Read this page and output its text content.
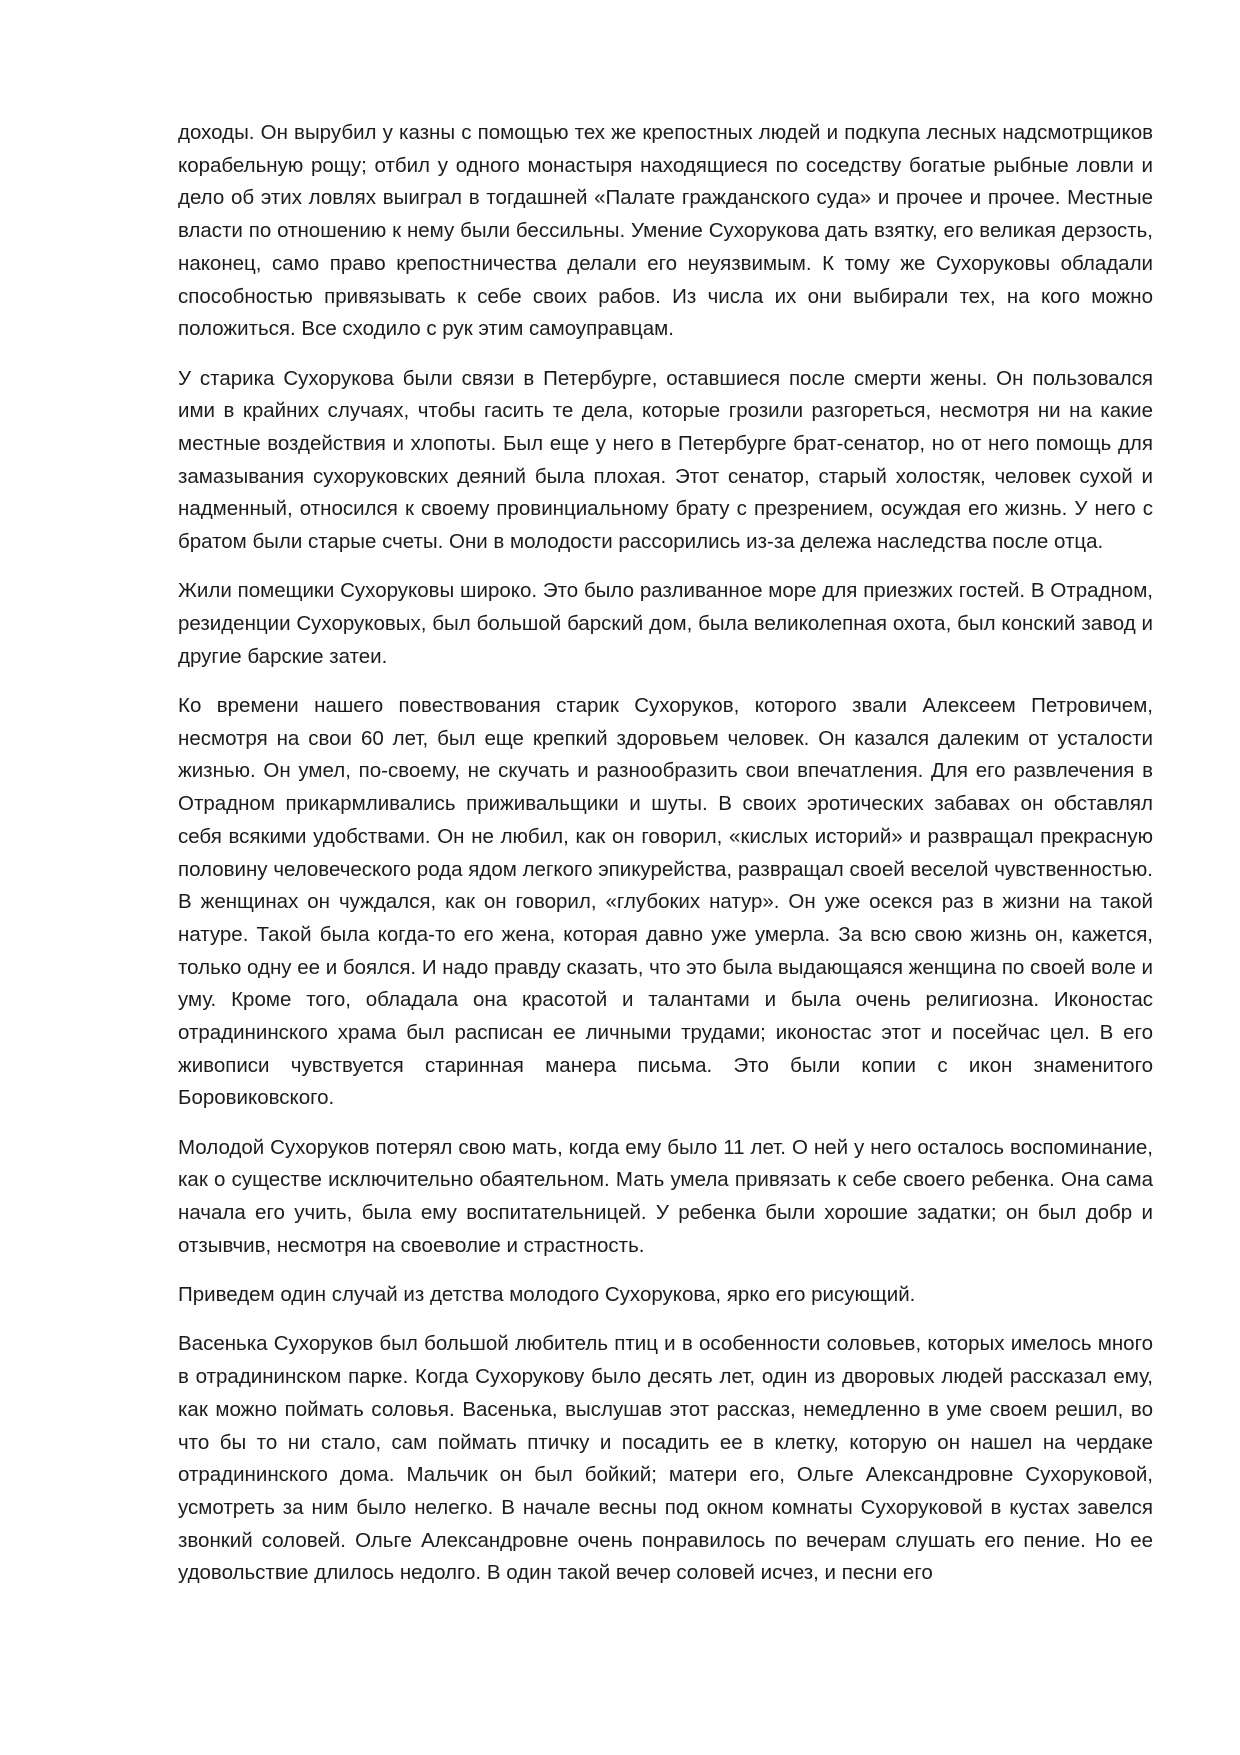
доходы. Он вырубил у казны с помощью тех же крепостных людей и подкупа лесных надсмотрщиков корабельную рощу; отбил у одного монастыря находящиеся по соседству богатые рыбные ловли и дело об этих ловлях выиграл в тогдашней «Палате гражданского суда» и прочее и прочее. Местные власти по отношению к нему были бессильны. Умение Сухорукова дать взятку, его великая дерзость, наконец, само право крепостничества делали его неуязвимым. К тому же Сухоруковы обладали способностью привязывать к себе своих рабов. Из числа их они выбирали тех, на кого можно положиться. Все сходило с рук этим самоуправцам.

У старика Сухорукова были связи в Петербурге, оставшиеся после смерти жены. Он пользовался ими в крайних случаях, чтобы гасить те дела, которые грозили разгореться, несмотря ни на какие местные воздействия и хлопоты. Был еще у него в Петербурге брат-сенатор, но от него помощь для замазывания сухоруковских деяний была плохая. Этот сенатор, старый холостяк, человек сухой и надменный, относился к своему провинциальному брату с презрением, осуждая его жизнь. У него с братом были старые счеты. Они в молодости рассорились из-за дележа наследства после отца.

Жили помещики Сухоруковы широко. Это было разливанное море для приезжих гостей. В Отрадном, резиденции Сухоруковых, был большой барский дом, была великолепная охота, был конский завод и другие барские затеи.

Ко времени нашего повествования старик Сухоруков, которого звали Алексеем Петровичем, несмотря на свои 60 лет, был еще крепкий здоровьем человек. Он казался далеким от усталости жизнью. Он умел, по-своему, не скучать и разнообразить свои впечатления. Для его развлечения в Отрадном прикармливались приживальщики и шуты. В своих эротических забавах он обставлял себя всякими удобствами. Он не любил, как он говорил, «кислых историй» и развращал прекрасную половину человеческого рода ядом легкого эпикурейства, развращал своей веселой чувственностью. В женщинах он чуждался, как он говорил, «глубоких натур». Он уже осекся раз в жизни на такой натуре. Такой была когда-то его жена, которая давно уже умерла. За всю свою жизнь он, кажется, только одну ее и боялся. И надо правду сказать, что это была выдающаяся женщина по своей воле и уму. Кроме того, обладала она красотой и талантами и была очень религиозна. Иконостас отрадининского храма был расписан ее личными трудами; иконостас этот и посейчас цел. В его живописи чувствуется старинная манера письма. Это были копии с икон знаменитого Боровиковского.

Молодой Сухоруков потерял свою мать, когда ему было 11 лет. О ней у него осталось воспоминание, как о существе исключительно обаятельном. Мать умела привязать к себе своего ребенка. Она сама начала его учить, была ему воспитательницей. У ребенка были хорошие задатки; он был добр и отзывчив, несмотря на своеволие и страстность.

Приведем один случай из детства молодого Сухорукова, ярко его рисующий.

Васенька Сухоруков был большой любитель птиц и в особенности соловьев, которых имелось много в отрадининском парке. Когда Сухорукову было десять лет, один из дворовых людей рассказал ему, как можно поймать соловья. Васенька, выслушав этот рассказ, немедленно в уме своем решил, во что бы то ни стало, сам поймать птичку и посадить ее в клетку, которую он нашел на чердаке отрадининского дома. Мальчик он был бойкий; матери его, Ольге Александровне Сухоруковой, усмотреть за ним было нелегко. В начале весны под окном комнаты Сухоруковой в кустах завелся звонкий соловей. Ольге Александровне очень понравилось по вечерам слушать его пение. Но ее удовольствие длилось недолго. В один такой вечер соловей исчез, и песни его
